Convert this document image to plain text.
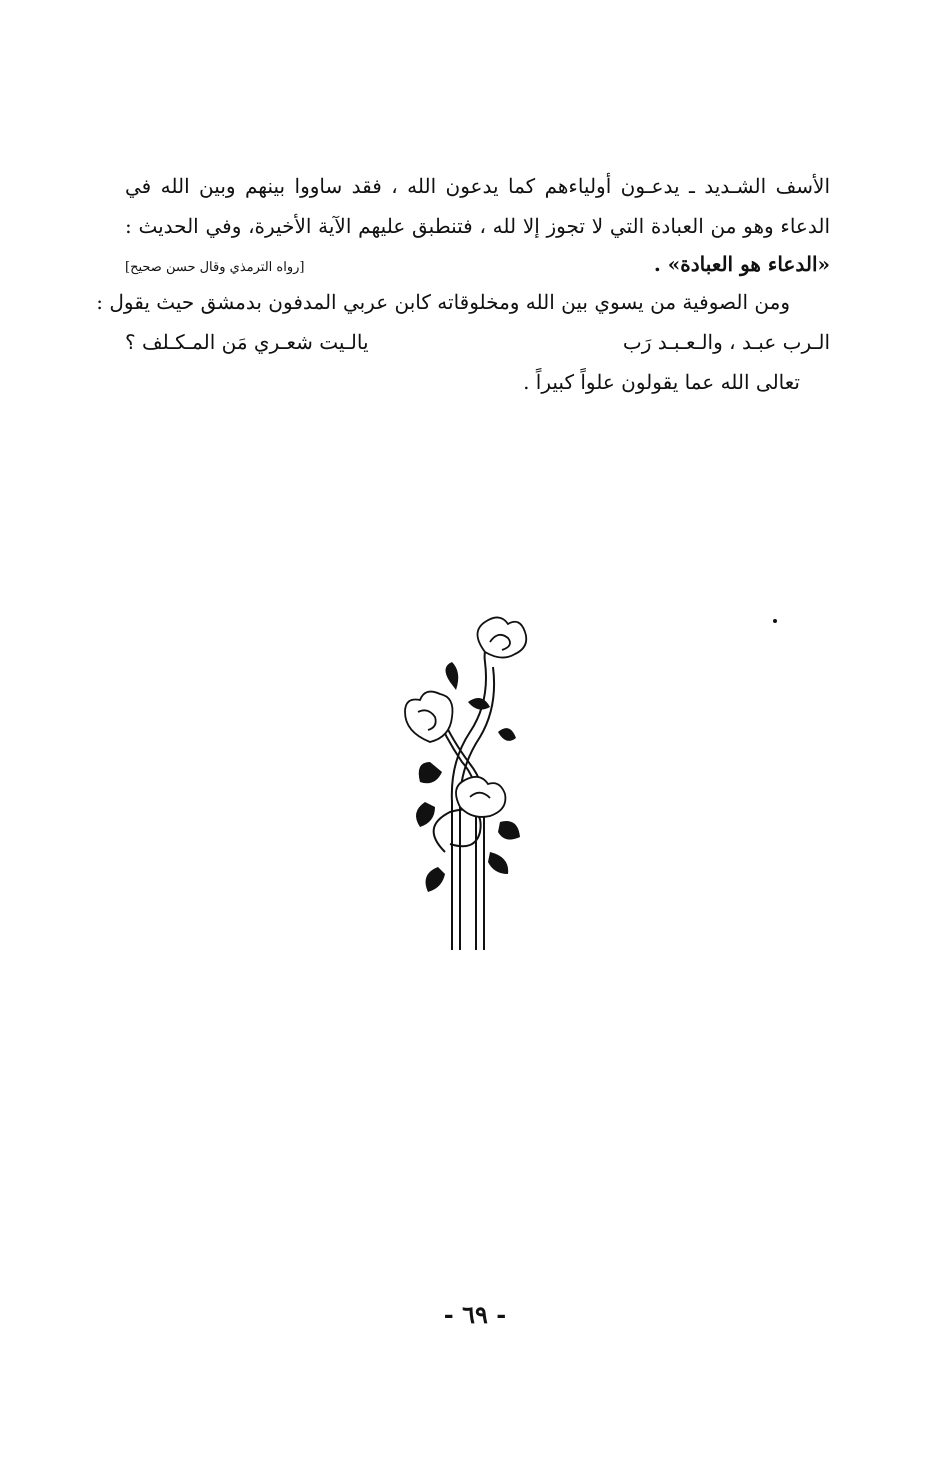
الأسف الشـديد ـ يدعـون أولياءهم كما يدعون الله ، فقد ساووا بينهم وبين الله في
الدعاء وهو من العبادة التي لا تجوز إلا لله ، فتنطبق عليهم الآية الأخيرة، وفي الحديث :
«الدعاء هو العبادة» .
[رواه الترمذي وقال حسن صحيح]
ومن الصوفية من يسوي بين الله ومخلوقاته كابن عربي المدفون بدمشق حيث يقول :
الـرب عبـد ، والـعـبـد رَب
يالـيت شعـري مَن المـكـلف ؟
تعالى الله عما يقولون علواً كبيراً .
- ٦٩ -
